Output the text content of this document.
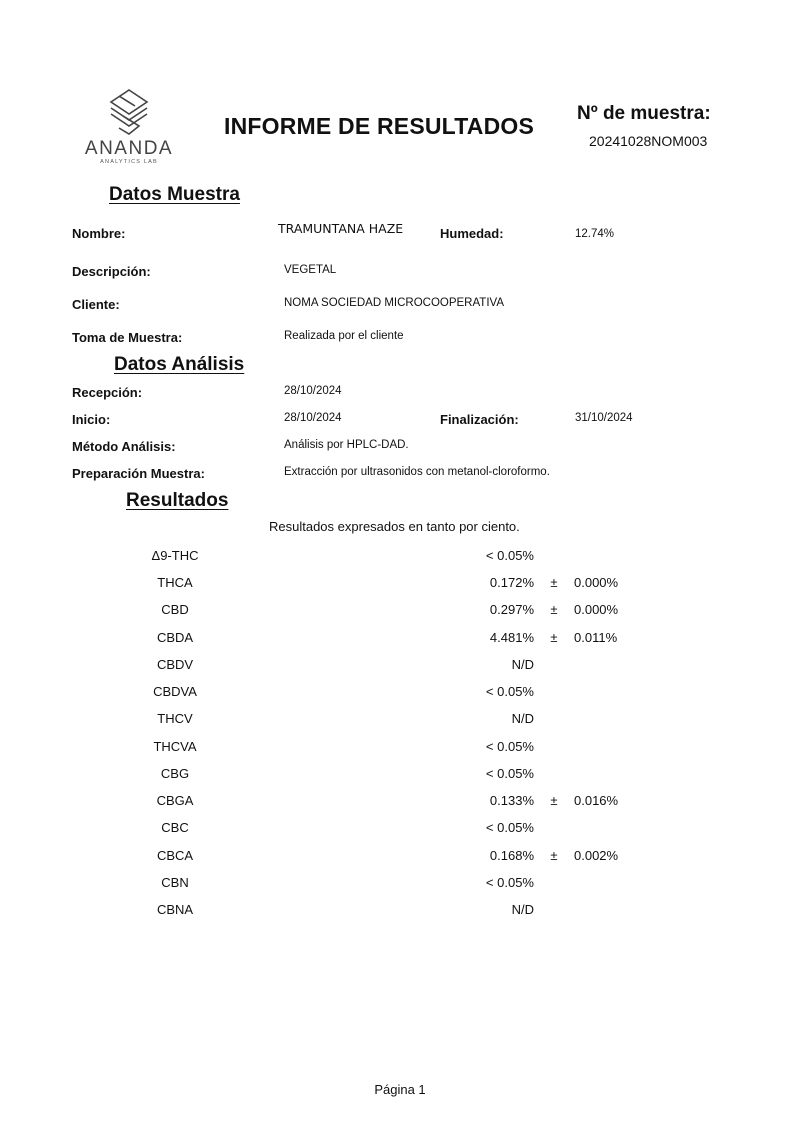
ANANDA
ANALYTICS LAB
INFORME DE RESULTADOS Nº de muestra:
20241028NOM003
Datos Muestra
Nombre:	TRAMUNTANA HAZE	Humedad:	12.74%
Descripción:	VEGETAL
Cliente:	NOMA SOCIEDAD MICROCOOPERATIVA
Toma de Muestra:	Realizada por el cliente
Datos Análisis
Recepción:	28/10/2024
Inicio:	28/10/2024	Finalización:	31/10/2024
Método Análisis:	Análisis por HPLC-DAD.
Preparación Muestra:	Extracción por ultrasonidos con metanol-cloroformo.
Resultados
Resultados expresados en tanto por ciento.
Δ9-THC	< 0.05%
THCA	0.172% ± 0.000%
CBD	0.297% ± 0.000%
CBDA	4.481% ± 0.011%
CBDV	N/D
CBDVA	< 0.05%
THCV	N/D
THCVA	< 0.05%
CBG	< 0.05%
CBGA	0.133% ± 0.016%
CBC	< 0.05%
CBCA	0.168% ± 0.002%
CBN	< 0.05%
CBNA	N/D
Página 1
